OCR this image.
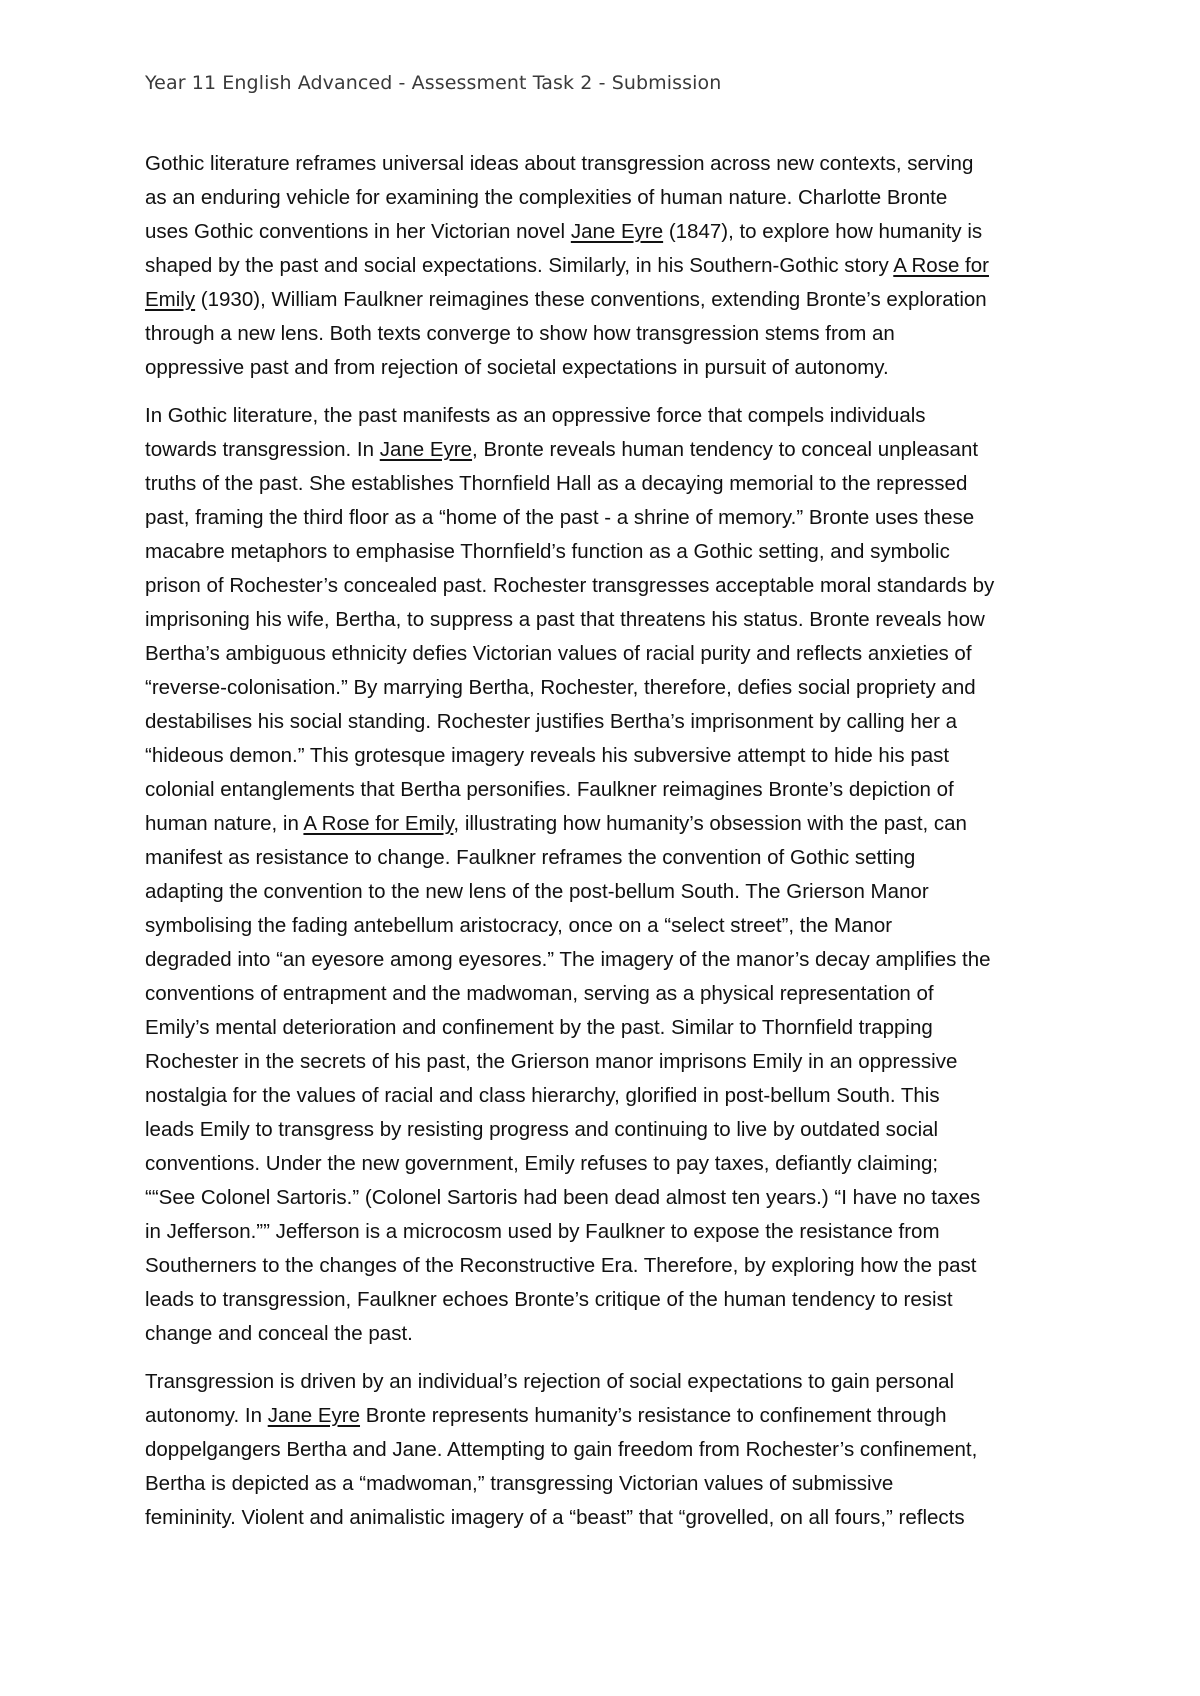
Year 11 English Advanced - Assessment Task 2 - Submission
Gothic literature reframes universal ideas about transgression across new contexts, serving
as an enduring vehicle for examining the complexities of human nature. Charlotte Bronte
uses Gothic conventions in her Victorian novel Jane Eyre (1847), to explore how humanity is
shaped by the past and social expectations. Similarly, in his Southern-Gothic story A Rose for
Emily (1930), William Faulkner reimagines these conventions, extending Bronte’s exploration
through a new lens. Both texts converge to show how transgression stems from an
oppressive past and from rejection of societal expectations in pursuit of autonomy.
In Gothic literature, the past manifests as an oppressive force that compels individuals
towards transgression. In Jane Eyre, Bronte reveals human tendency to conceal unpleasant
truths of the past. She establishes Thornfield Hall as a decaying memorial to the repressed
past, framing the third floor as a “home of the past - a shrine of memory.” Bronte uses these
macabre metaphors to emphasise Thornfield’s function as a Gothic setting, and symbolic
prison of Rochester’s concealed past. Rochester transgresses acceptable moral standards by
imprisoning his wife, Bertha, to suppress a past that threatens his status. Bronte reveals how
Bertha’s ambiguous ethnicity defies Victorian values of racial purity and reflects anxieties of
“reverse-colonisation.” By marrying Bertha, Rochester, therefore, defies social propriety and
destabilises his social standing. Rochester justifies Bertha’s imprisonment by calling her a
“hideous demon.” This grotesque imagery reveals his subversive attempt to hide his past
colonial entanglements that Bertha personifies. Faulkner reimagines Bronte’s depiction of
human nature, in A Rose for Emily, illustrating how humanity’s obsession with the past, can
manifest as resistance to change. Faulkner reframes the convention of Gothic setting
adapting the convention to the new lens of the post-bellum South. The Grierson Manor
symbolising the fading antebellum aristocracy, once on a “select street”, the Manor
degraded into “an eyesore among eyesores.” The imagery of the manor’s decay amplifies the
conventions of entrapment and the madwoman, serving as a physical representation of
Emily’s mental deterioration and confinement by the past. Similar to Thornfield trapping
Rochester in the secrets of his past, the Grierson manor imprisons Emily in an oppressive
nostalgia for the values of racial and class hierarchy, glorified in post-bellum South. This
leads Emily to transgress by resisting progress and continuing to live by outdated social
conventions. Under the new government, Emily refuses to pay taxes, defiantly claiming;
““See Colonel Sartoris.” (Colonel Sartoris had been dead almost ten years.) “I have no taxes
in Jefferson.”” Jefferson is a microcosm used by Faulkner to expose the resistance from
Southerners to the changes of the Reconstructive Era. Therefore, by exploring how the past
leads to transgression, Faulkner echoes Bronte’s critique of the human tendency to resist
change and conceal the past.
Transgression is driven by an individual’s rejection of social expectations to gain personal
autonomy. In Jane Eyre Bronte represents humanity’s resistance to confinement through
doppelgangers Bertha and Jane. Attempting to gain freedom from Rochester’s confinement,
Bertha is depicted as a “madwoman,” transgressing Victorian values of submissive
femininity. Violent and animalistic imagery of a “beast” that “grovelled, on all fours,” reflects
